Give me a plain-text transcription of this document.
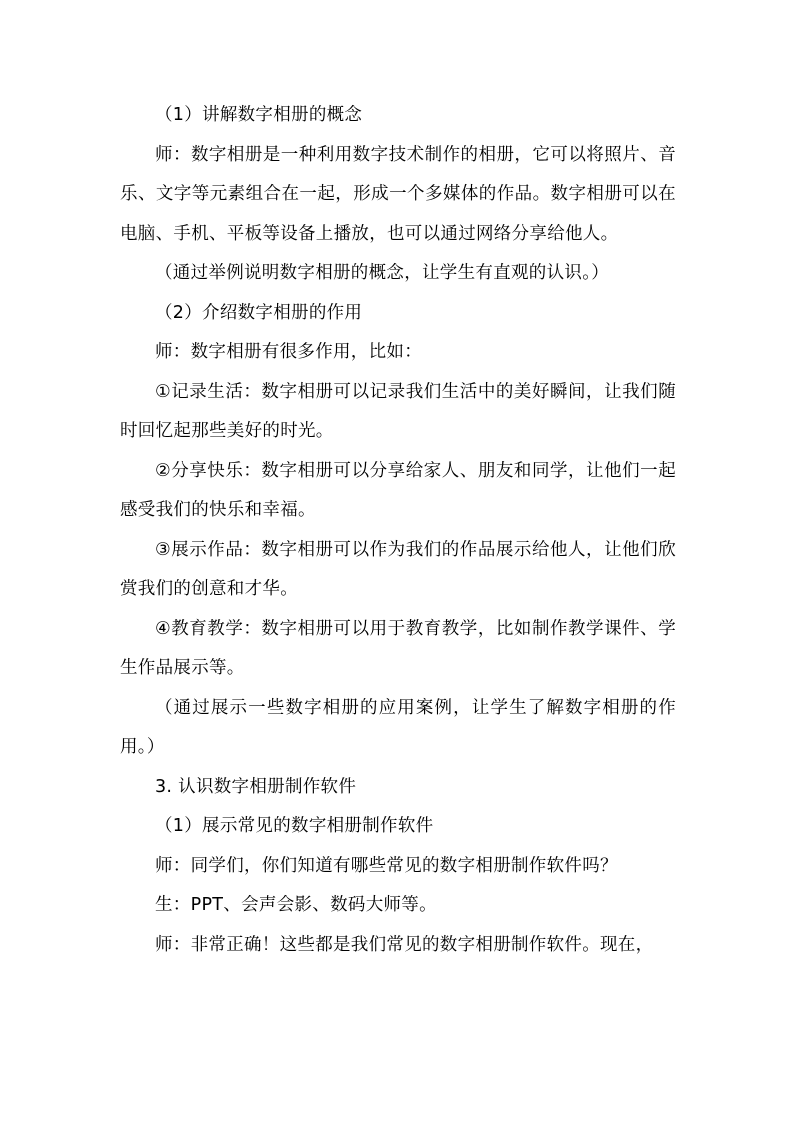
（1）讲解数字相册的概念

师：数字相册是一种利用数字技术制作的相册，它可以将照片、音乐、文字等元素组合在一起，形成一个多媒体的作品。数字相册可以在电脑、手机、平板等设备上播放，也可以通过网络分享给他人。

（通过举例说明数字相册的概念，让学生有直观的认识。）

（2）介绍数字相册的作用

师：数字相册有很多作用，比如：

①记录生活：数字相册可以记录我们生活中的美好瞬间，让我们随时回忆起那些美好的时光。

②分享快乐：数字相册可以分享给家人、朋友和同学，让他们一起感受我们的快乐和幸福。

③展示作品：数字相册可以作为我们的作品展示给他人，让他们欣赏我们的创意和才华。

④教育教学：数字相册可以用于教育教学，比如制作教学课件、学生作品展示等。

（通过展示一些数字相册的应用案例，让学生了解数字相册的作用。）

3. 认识数字相册制作软件

（1）展示常见的数字相册制作软件

师：同学们，你们知道有哪些常见的数字相册制作软件吗？

生：PPT、会声会影、数码大师等。

师：非常正确！这些都是我们常见的数字相册制作软件。现在，
